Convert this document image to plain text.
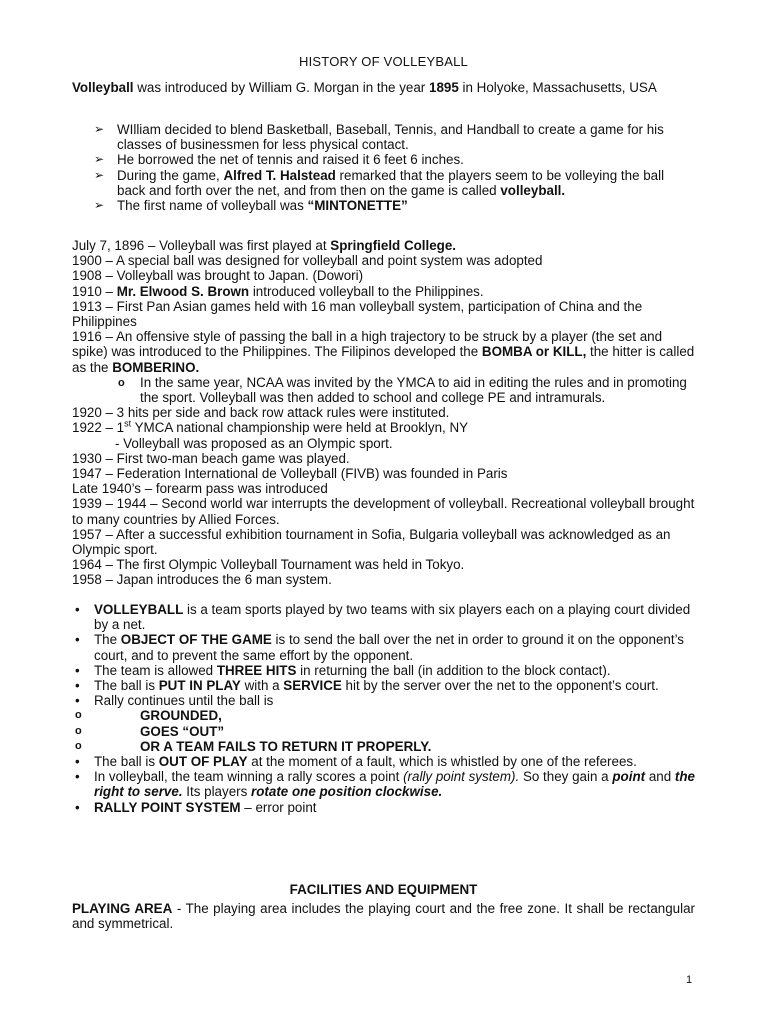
HISTORY OF VOLLEYBALL

Volleyball was introduced by William G. Morgan in the year 1895 in Holyoke, Massachusetts, USA

➢ WIlliam decided to blend Basketball, Baseball, Tennis, and Handball to create a game for his classes of businessmen for less physical contact.
➢ He borrowed the net of tennis and raised it 6 feet 6 inches.
➢ During the game, Alfred T. Halstead remarked that the players seem to be volleying the ball back and forth over the net, and from then on the game is called volleyball.
➢ The first name of volleyball was “MINTONETTE”

July 7, 1896 – Volleyball was first played at Springfield College.

1900 – A special ball was designed for volleyball and point system was adopted

1908 – Volleyball was brought to Japan. (Dowori)

1910 – Mr. Elwood S. Brown introduced volleyball to the Philippines.

1913 – First Pan Asian games held with 16 man volleyball system, participation of China and the Philippines

1916 – An offensive style of passing the ball in a high trajectory to be struck by a player (the set and spike) was introduced to the Philippines. The Filipinos developed the BOMBA or KILL, the hitter is called as the BOMBERINO.

o In the same year, NCAA was invited by the YMCA to aid in editing the rules and in promoting the sport. Volleyball was then added to school and college PE and intramurals.

1920 – 3 hits per side and back row attack rules were instituted.

1922 – 1st YMCA national championship were held at Brooklyn, NY

- Volleyball was proposed as an Olympic sport.

1930 – First two-man beach game was played.

1947 – Federation International de Volleyball (FIVB) was founded in Paris

Late 1940’s – forearm pass was introduced

1939 – 1944 – Second world war interrupts the development of volleyball. Recreational volleyball brought to many countries by Allied Forces.

1957 – After a successful exhibition tournament in Sofia, Bulgaria volleyball was acknowledged as an Olympic sport.

1964 – The first Olympic Volleyball Tournament was held in Tokyo.

1958 – Japan introduces the 6 man system.

• VOLLEYBALL is a team sports played by two teams with six players each on a playing court divided by a net.
• The OBJECT OF THE GAME is to send the ball over the net in order to ground it on the opponent’s court, and to prevent the same effort by the opponent.
• The team is allowed THREE HITS in returning the ball (in addition to the block contact).
• The ball is PUT IN PLAY with a SERVICE hit by the server over the net to the opponent’s court.
• Rally continues until the ball is
o	GROUNDED,
o	GOES “OUT”
o	OR A TEAM FAILS TO RETURN IT PROPERLY.
• The ball is OUT OF PLAY at the moment of a fault, which is whistled by one of the referees.
• In volleyball, the team winning a rally scores a point (rally point system). So they gain a point and the right to serve. Its players rotate one position clockwise.
• RALLY POINT SYSTEM – error point
FACILITIES AND EQUIPMENT
PLAYING AREA - The playing area includes the playing court and the free zone. It shall be rectangular and symmetrical.
1
